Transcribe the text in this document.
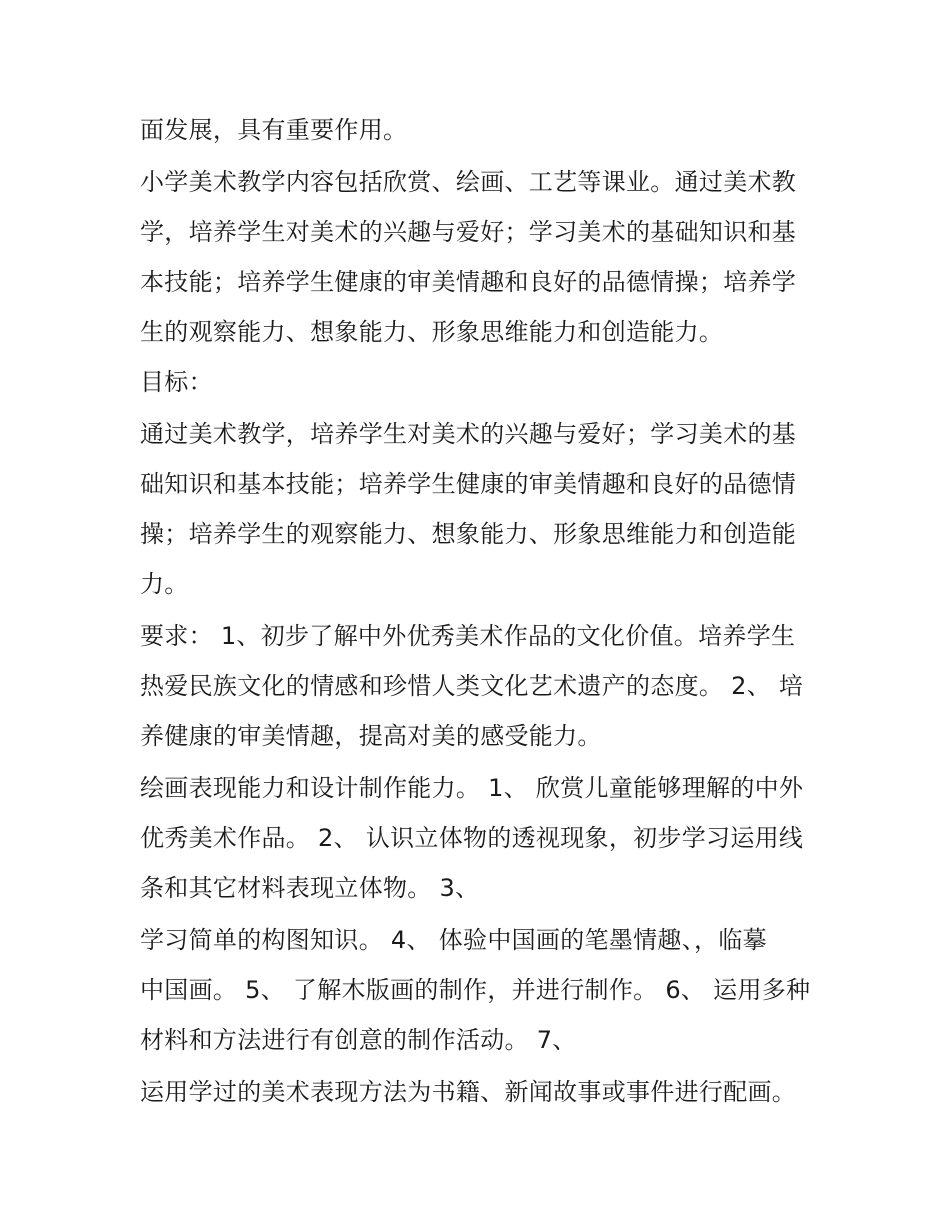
面发展，具有重要作用。
小学美术教学内容包括欣赏、绘画、工艺等课业。通过美术教
学，培养学生对美术的兴趣与爱好；学习美术的基础知识和基
本技能；培养学生健康的审美情趣和良好的品德情操；培养学
生的观察能力、想象能力、形象思维能力和创造能力。
目标：
通过美术教学，培养学生对美术的兴趣与爱好；学习美术的基
础知识和基本技能；培养学生健康的审美情趣和良好的品德情
操；培养学生的观察能力、想象能力、形象思维能力和创造能
力。
要求： 1、初步了解中外优秀美术作品的文化价值。培养学生
热爱民族文化的情感和珍惜人类文化艺术遗产的态度。 2、 培
养健康的审美情趣，提高对美的感受能力。
绘画表现能力和设计制作能力。 1、 欣赏儿童能够理解的中外
优秀美术作品。 2、 认识立体物的透视现象，初步学习运用线
条和其它材料表现立体物。 3、
学习简单的构图知识。 4、 体验中国画的笔墨情趣、，临摹
中国画。 5、 了解木版画的制作，并进行制作。 6、 运用多种
材料和方法进行有创意的制作活动。 7、
运用学过的美术表现方法为书籍、新闻故事或事件进行配画。
